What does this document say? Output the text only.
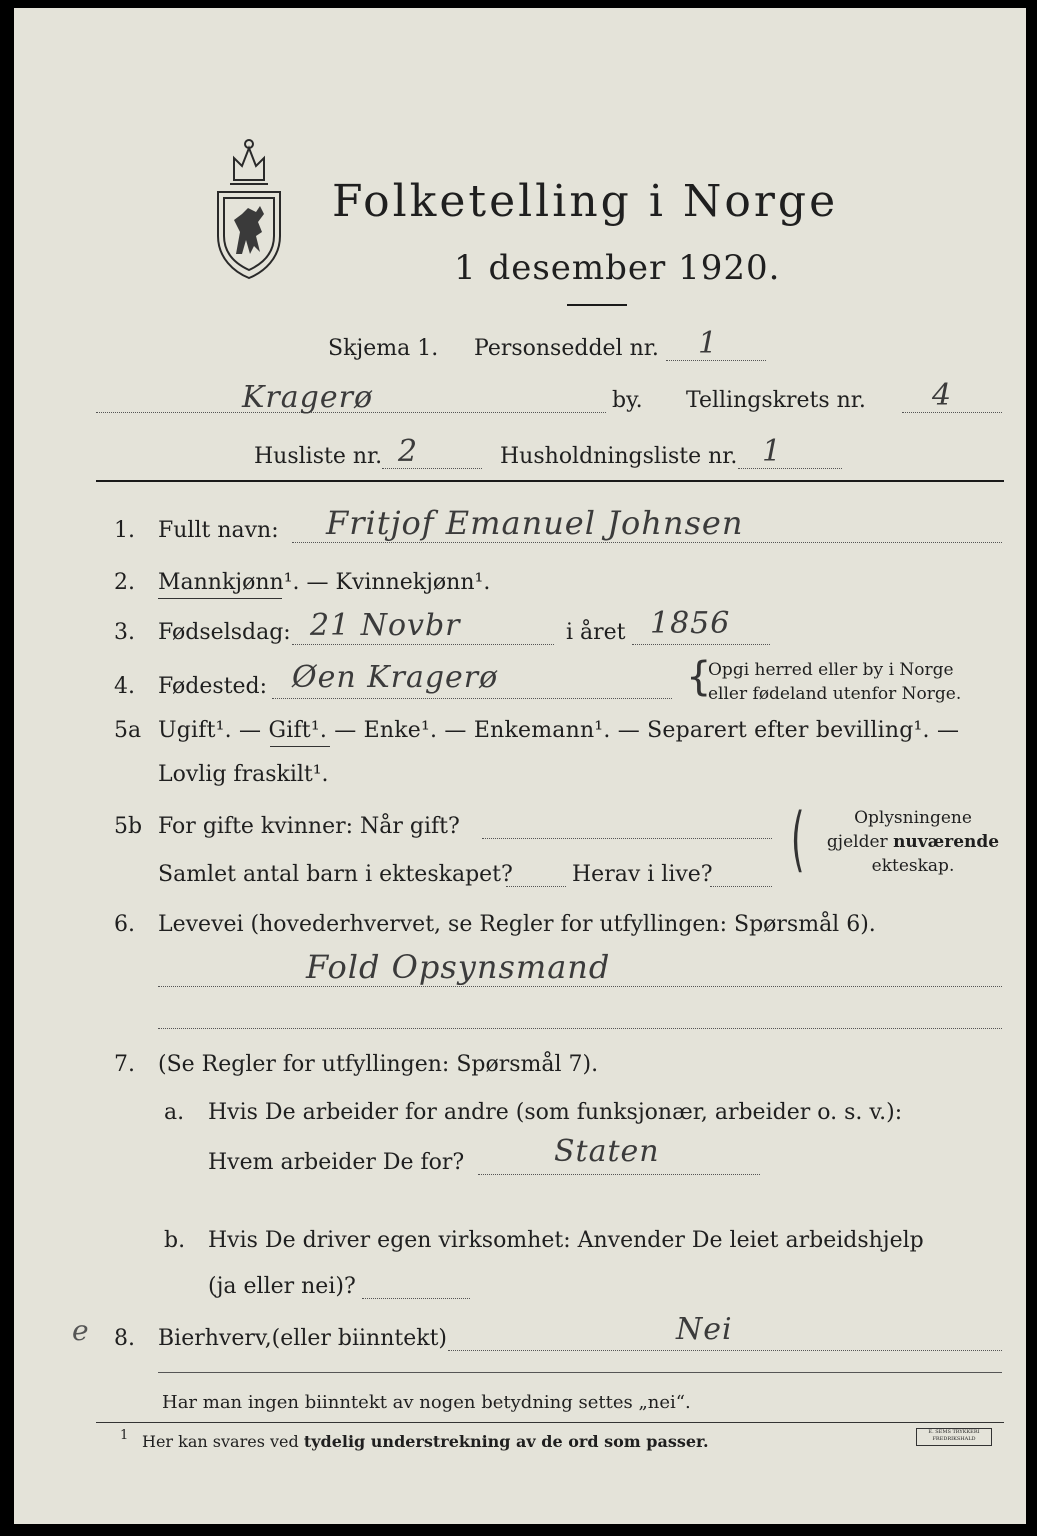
Folketelling i Norge
1 desember 1920.
Skjema 1. Personseddel nr. 1
Kragerø	by. Tellingskrets nr. 4
Husliste nr. 2	Husholdningsliste nr. 1
1. Fullt navn: Fritjof Emanuel Johnsen
2. Mannkjønn¹. — Kvinnekjønn¹.
3. Fødselsdag: 21 Novbr	i året 1856
4. Fødested: Øen Kragerø	{
Opgi herred eller by i Norge
eller fødeland utenfor Norge.
5a Ugift¹. — Gift¹. — Enke¹. — Enkemann¹. — Separert efter bevilling¹. —
Lovlig fraskilt¹.
5b For gifte kvinner: Når gift?
Samlet antal barn i ekteskapet?	Herav i live? (	Oplysningene
gjelder nuværende
ekteskap.
6. Levevei (hovederhvervet, se Regler for utfyllingen: Spørsmål 6).
Fold Opsynsmand
7. (Se Regler for utfyllingen: Spørsmål 7).
a. Hvis De arbeider for andre (som funksjonær, arbeider o. s. v.):
Hvem arbeider De for?	Staten
b. Hvis De driver egen virksomhet: Anvender De leiet arbeidshjelp
(ja eller nei)?
e 8. Bierhverv,(eller biinntekt)	Nei
Har man ingen biinntekt av nogen betydning settes „nei“.
1 Her kan svares ved tydelig understrekning av de ord som passer.	E. SEMS TRYKKERI FREDRIKSHALD
